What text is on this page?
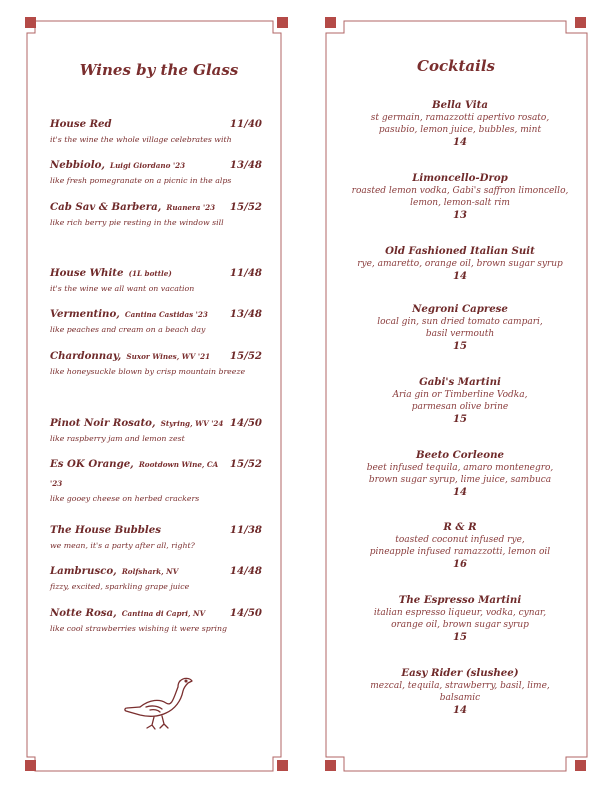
Wines by the Glass
House Red	11/40
it's the wine the whole village celebrates with
Nebbiolo, Luigi Giordano '23	13/48
like fresh pomegranate on a picnic in the alps
Cab Sav & Barbera, Ruanera '23 15/52
like rich berry pie resting in the window sill
House White (1L bottle)	11/48
it's the wine we all want on vacation
Vermentino, Cantina Castidas '23 13/48
like peaches and cream on a beach day
Chardonnay, Suxor Wines, WV '21 15/52
like honeysuckle blown by crisp mountain breeze
Pinot Noir Rosato, Styring, WV '24 14/50
like raspberry jam and lemon zest
Es OK Orange, Rootdown Wine, CA '23
15/52
like gooey cheese on herbed crackers
The House Bubbles	11/38
we mean, it's a party after all, right?
Lambrusco, Rolfshark, NV	14/48
fizzy, excited, sparkling grape juice
Notte Rosa, Cantina di Capri, NV 14/50
like cool strawberries wishing it were spring
Cocktails
Bella Vita
st germain, ramazzotti apertivo rosato,
pasubio, lemon juice, bubbles, mint
14
Limoncello-Drop
roasted lemon vodka, Gabi's saffron limoncello,
lemon, lemon-salt rim
13
Old Fashioned Italian Suit
rye, amaretto, orange oil, brown sugar syrup
14
Negroni Caprese
local gin, sun dried tomato campari,
basil vermouth
15
Gabi's Martini
Aria gin or Timberline Vodka,
parmesan olive brine
15
Beeto Corleone
beet infused tequila, amaro montenegro,
brown sugar syrup, lime juice, sambuca
14
R & R
toasted coconut infused rye,
pineapple infused ramazzotti, lemon oil
16
The Espresso Martini
italian espresso liqueur, vodka, cynar,
orange oil, brown sugar syrup
15
Easy Rider (slushee)
mezcal, tequila, strawberry, basil, lime,
balsamic
14
